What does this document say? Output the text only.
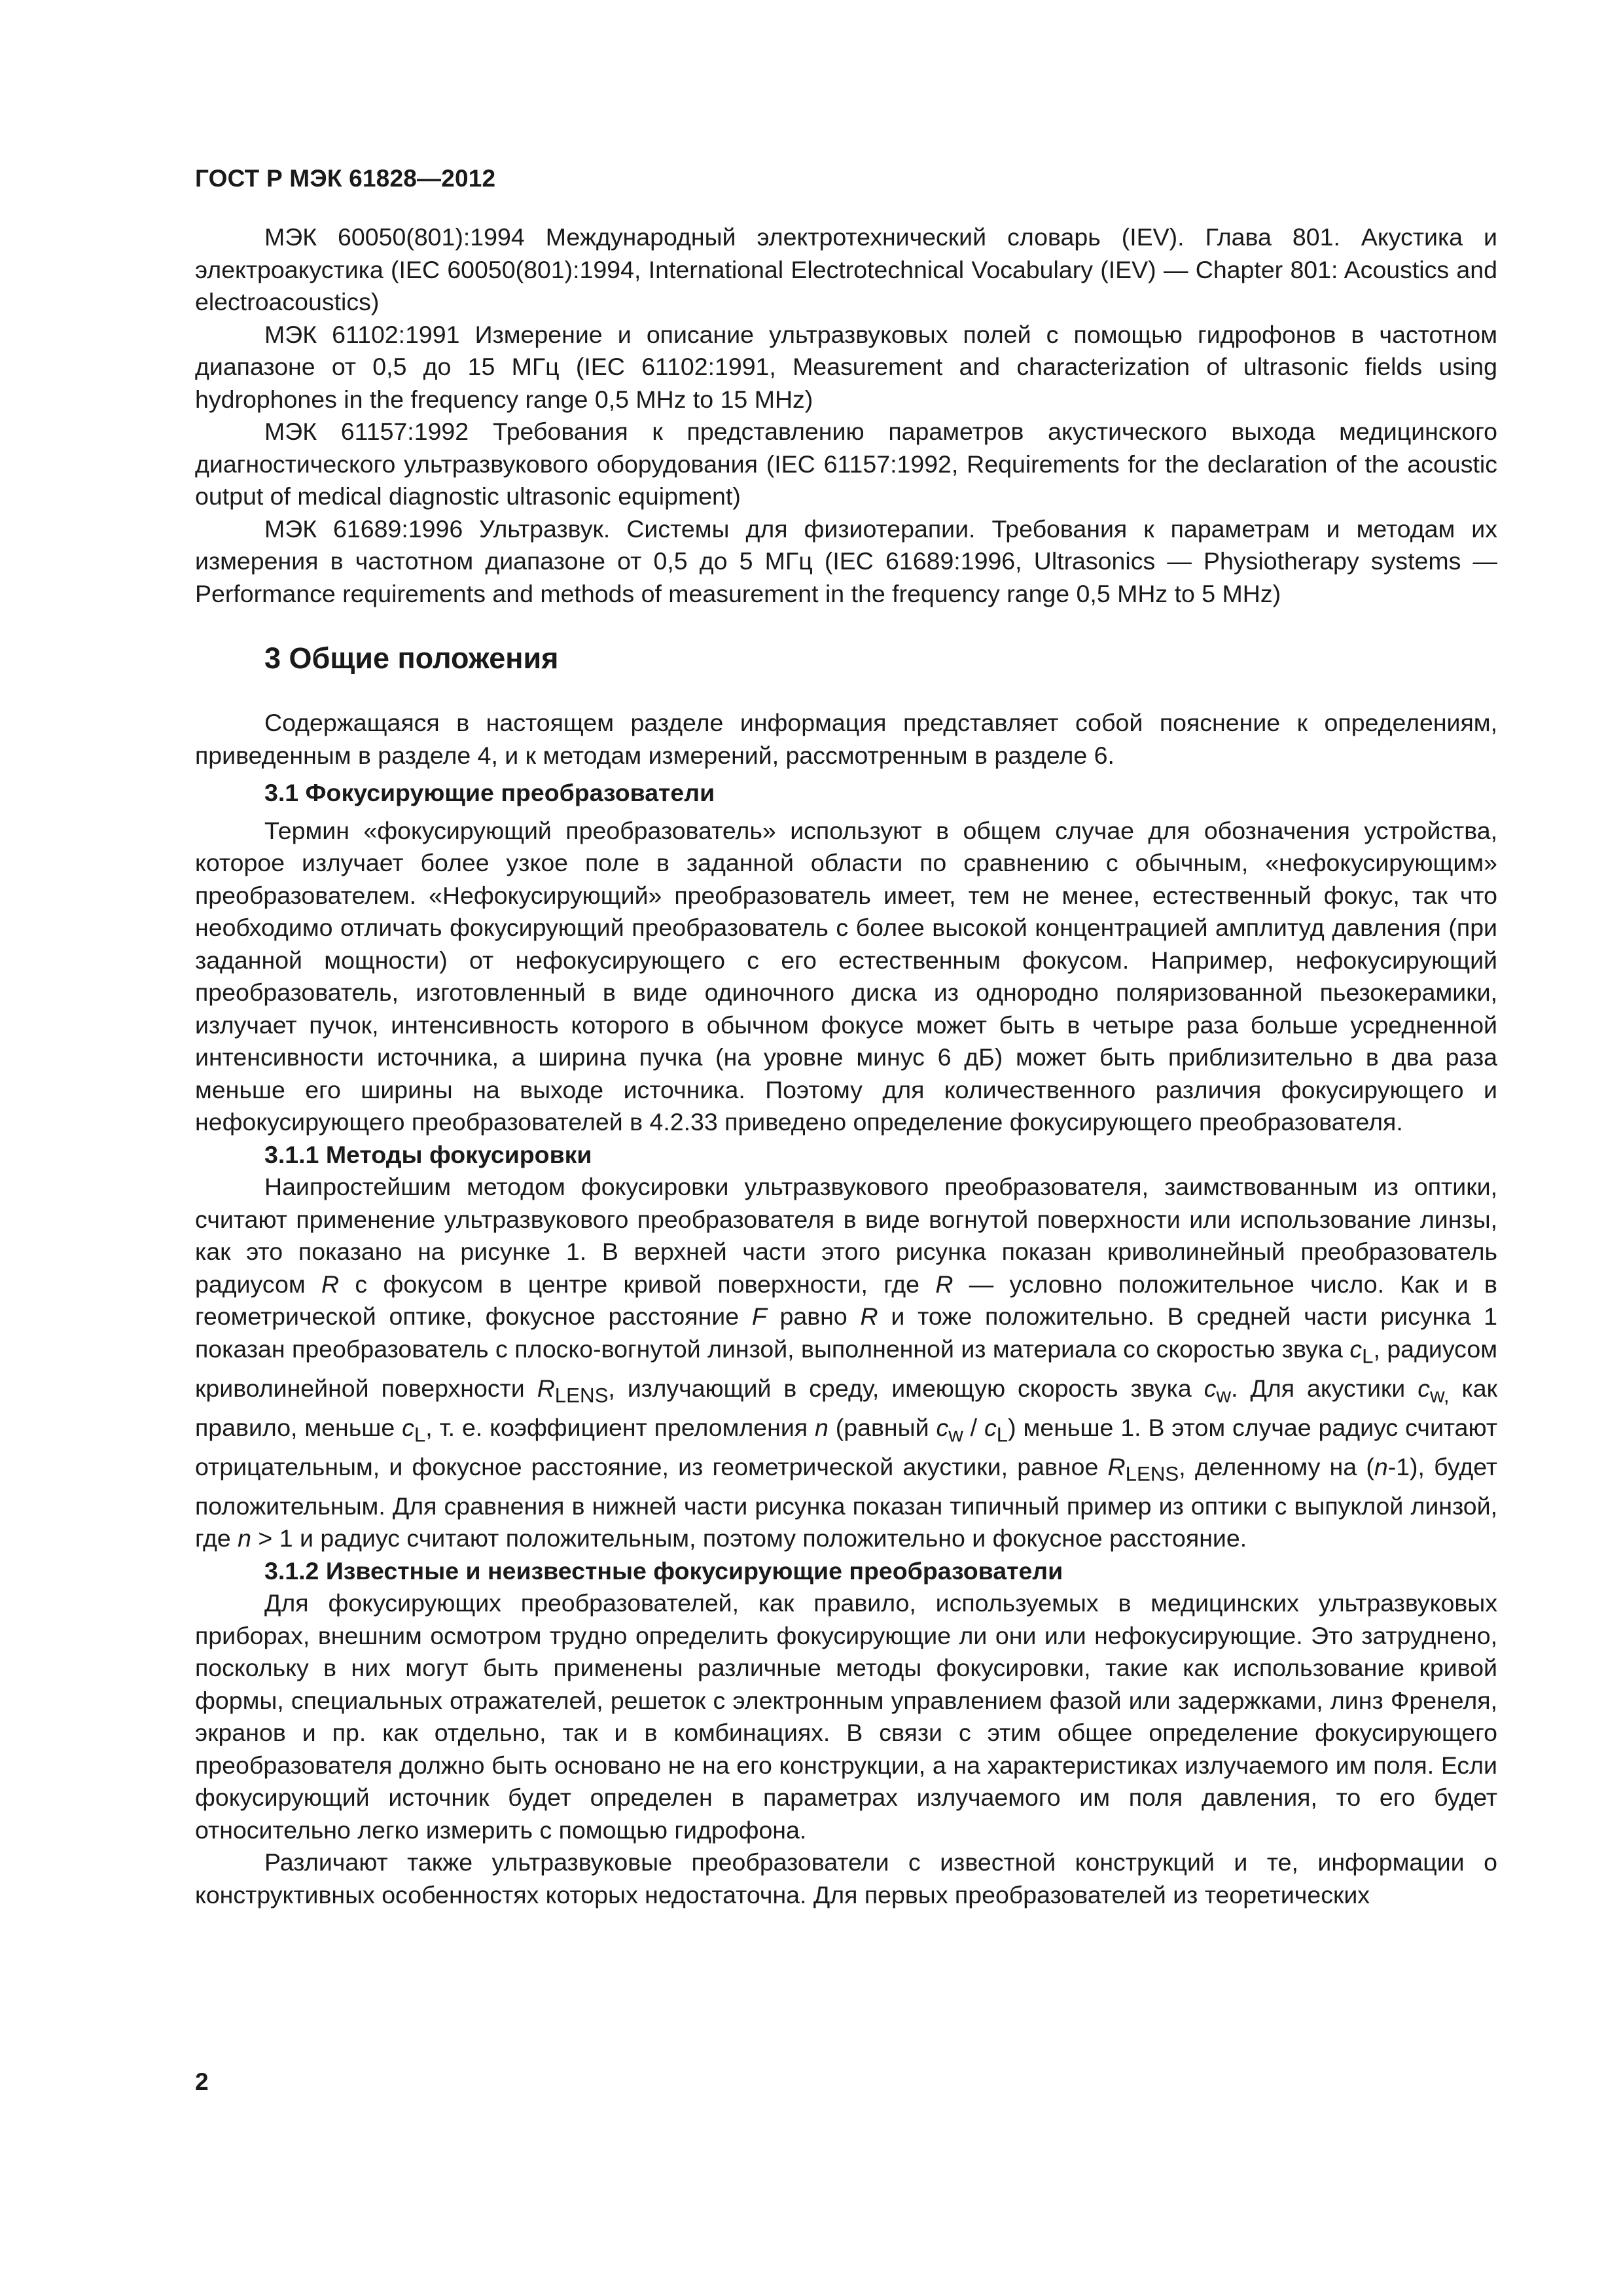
ГОСТ Р МЭК 61828—2012

МЭК 60050(801):1994 Международный электротехнический словарь (IEV). Глава 801. Акустика и электроакустика (IEC 60050(801):1994, International Electrotechnical Vocabulary (IEV) — Chapter 801: Acoustics and electroacoustics)

МЭК 61102:1991 Измерение и описание ультразвуковых полей с помощью гидрофонов в частотном диапазоне от 0,5 до 15 МГц (IEC 61102:1991, Measurement and characterization of ultrasonic fields using hydrophones in the frequency range 0,5 MHz to 15 MHz)

МЭК 61157:1992 Требования к представлению параметров акустического выхода медицинского диагностического ультразвукового оборудования (IEC 61157:1992, Requirements for the declaration of the acoustic output of medical diagnostic ultrasonic equipment)

МЭК 61689:1996 Ультразвук. Системы для физиотерапии. Требования к параметрам и методам их измерения в частотном диапазоне от 0,5 до 5 МГц (IEC 61689:1996, Ultrasonics — Physiotherapy systems — Performance requirements and methods of measurement in the frequency range 0,5 MHz to 5 MHz)

3 Общие положения

Содержащаяся в настоящем разделе информация представляет собой пояснение к определениям, приведенным в разделе 4, и к методам измерений, рассмотренным в разделе 6.

3.1 Фокусирующие преобразователи

Термин «фокусирующий преобразователь» используют в общем случае для обозначения устройства, которое излучает более узкое поле в заданной области по сравнению с обычным, «нефокусирующим» преобразователем. «Нефокусирующий» преобразователь имеет, тем не менее, естественный фокус, так что необходимо отличать фокусирующий преобразователь с более высокой концентрацией амплитуд давления (при заданной мощности) от нефокусирующего с его естественным фокусом. Например, нефокусирующий преобразователь, изготовленный в виде одиночного диска из однородно поляризованной пьезокерамики, излучает пучок, интенсивность которого в обычном фокусе может быть в четыре раза больше усредненной интенсивности источника, а ширина пучка (на уровне минус 6 дБ) может быть приблизительно в два раза меньше его ширины на выходе источника. Поэтому для количественного различия фокусирующего и нефокусирующего преобразователей в 4.2.33 приведено определение фокусирующего преобразователя.

3.1.1 Методы фокусировки

Наипростейшим методом фокусировки ультразвукового преобразователя, заимствованным из оптики, считают применение ультразвукового преобразователя в виде вогнутой поверхности или использование линзы, как это показано на рисунке 1. В верхней части этого рисунка показан криволинейный преобразователь радиусом R с фокусом в центре кривой поверхности, где R — условно положительное число. Как и в геометрической оптике, фокусное расстояние F равно R и тоже положительно. В средней части рисунка 1 показан преобразователь с плоско-вогнутой линзой, выполненной из материала со скоростью звука $c_L$, радиусом криволинейной поверхности $R_{LENS}$, излучающий в среду, имеющую скорость звука $c_w$. Для акустики $c_{w,}$ как правило, меньше $c_L$, т. е. коэффициент преломления n (равный $c_w / c_L$) меньше 1. В этом случае радиус считают отрицательным, и фокусное расстояние, из геометрической акустики, равное $R_{LENS}$, деленному на (n-1), будет положительным. Для сравнения в нижней части рисунка показан типичный пример из оптики с выпуклой линзой, где n > 1 и радиус считают положительным, поэтому положительно и фокусное расстояние.

3.1.2 Известные и неизвестные фокусирующие преобразователи

Для фокусирующих преобразователей, как правило, используемых в медицинских ультразвуковых приборах, внешним осмотром трудно определить фокусирующие ли они или нефокусирующие. Это затруднено, поскольку в них могут быть применены различные методы фокусировки, такие как использование кривой формы, специальных отражателей, решеток с электронным управлением фазой или задержками, линз Френеля, экранов и пр. как отдельно, так и в комбинациях. В связи с этим общее определение фокусирующего преобразователя должно быть основано не на его конструкции, а на характеристиках излучаемого им поля. Если фокусирующий источник будет определен в параметрах излучаемого им поля давления, то его будет относительно легко измерить с помощью гидрофона.

Различают также ультразвуковые преобразователи с известной конструкций и те, информации о конструктивных особенностях которых недостаточна. Для первых преобразователей из теоретических

2
